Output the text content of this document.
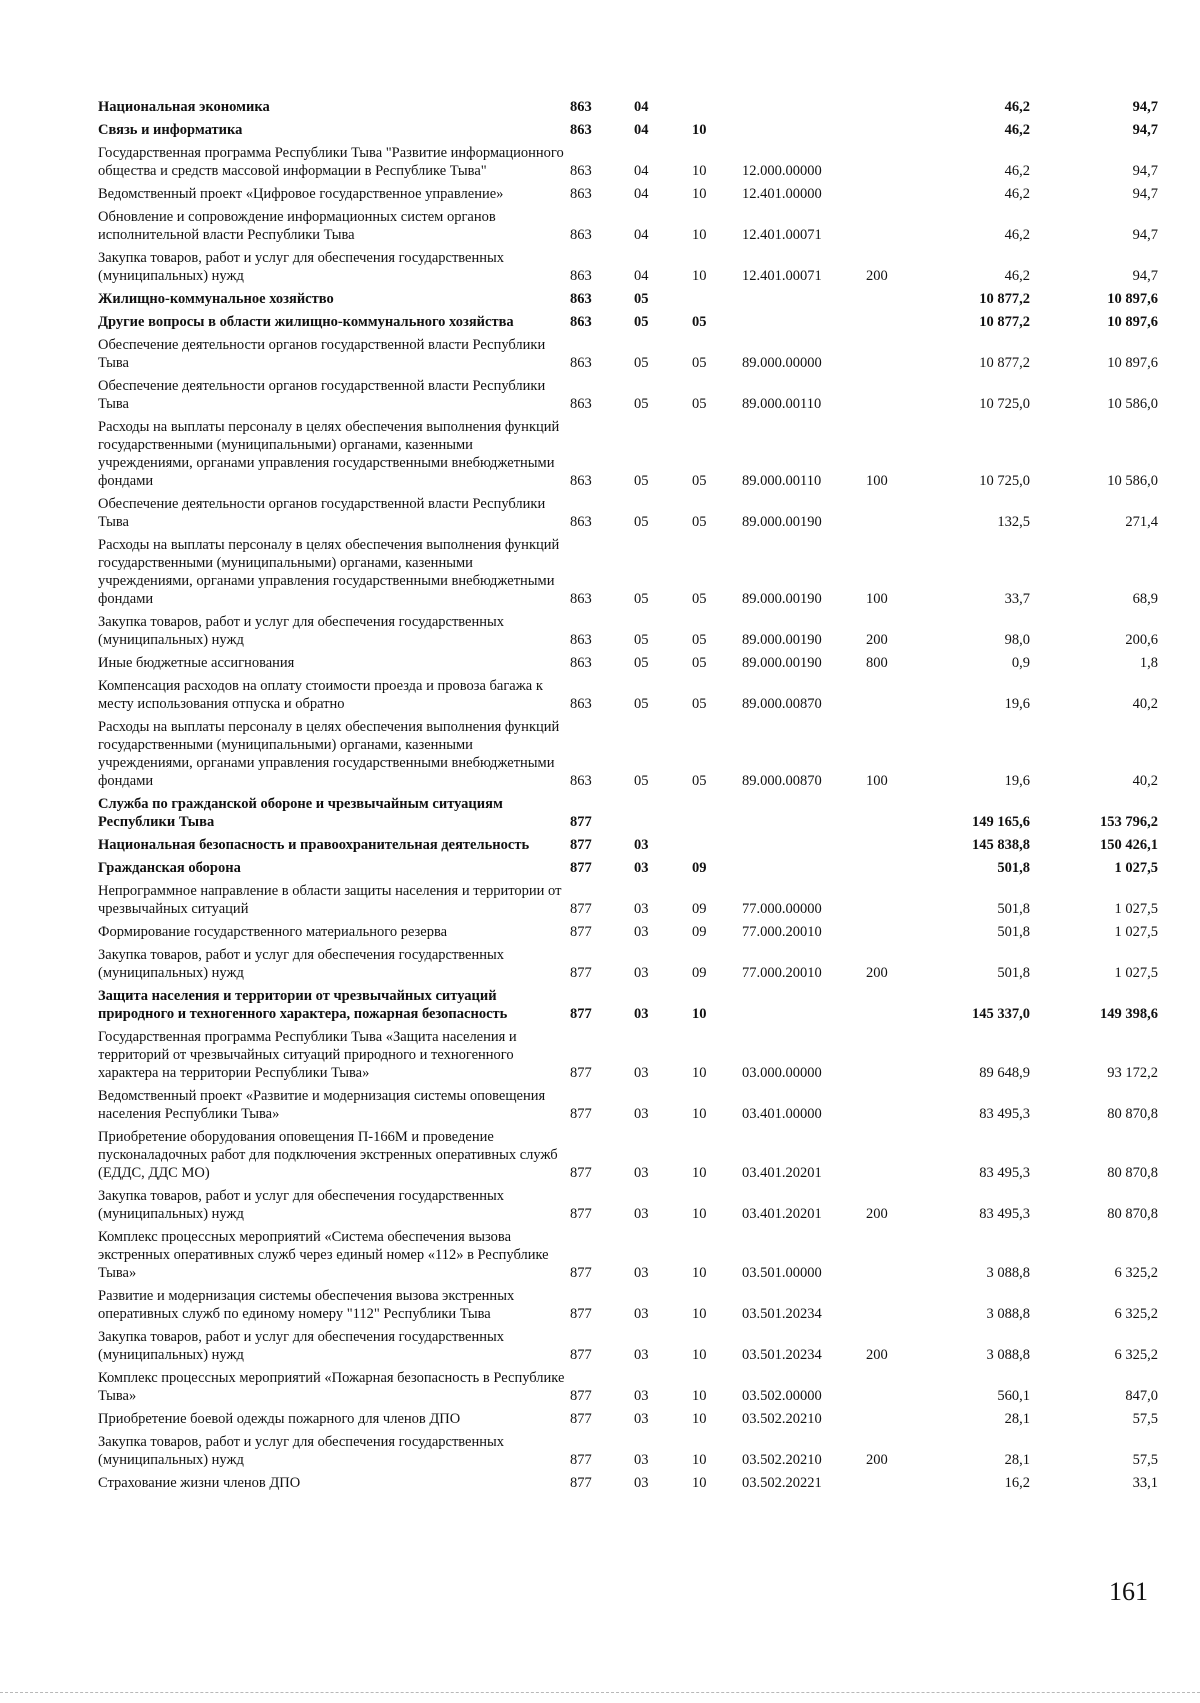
Национальная экономика	863	04				46,2	94,7
Связь и информатика	863	04	10			46,2	94,7
Государственная программа Республики Тыва "Развитие информационного общества и средств массовой информации в Республике Тыва"	863	04	10	12.000.00000		46,2	94,7
Ведомственный проект «Цифровое государственное управление»	863	04	10	12.401.00000		46,2	94,7
Обновление и сопровождение информационных систем органов исполнительной власти Республики Тыва	863	04	10	12.401.00071		46,2	94,7
Закупка товаров, работ и услуг для обеспечения государственных (муниципальных) нужд	863	04	10	12.401.00071	200	46,2	94,7
Жилищно-коммунальное хозяйство	863	05				10 877,2	10 897,6
Другие вопросы в области жилищно-коммунального хозяйства	863	05	05			10 877,2	10 897,6
Обеспечение деятельности органов государственной власти Республики Тыва	863	05	05	89.000.00000		10 877,2	10 897,6
Обеспечение деятельности органов государственной власти Республики Тыва	863	05	05	89.000.00110		10 725,0	10 586,0
Расходы на выплаты персоналу в целях обеспечения выполнения функций государственными (муниципальными) органами, казенными учреждениями, органами управления государственными внебюджетными фондами	863	05	05	89.000.00110	100	10 725,0	10 586,0
Обеспечение деятельности органов государственной власти Республики Тыва	863	05	05	89.000.00190		132,5	271,4
Расходы на выплаты персоналу в целях обеспечения выполнения функций государственными (муниципальными) органами, казенными учреждениями, органами управления государственными внебюджетными фондами	863	05	05	89.000.00190	100	33,7	68,9
Закупка товаров, работ и услуг для обеспечения государственных (муниципальных) нужд	863	05	05	89.000.00190	200	98,0	200,6
Иные бюджетные ассигнования	863	05	05	89.000.00190	800	0,9	1,8
Компенсация расходов на оплату стоимости проезда и провоза багажа к месту использования отпуска и обратно	863	05	05	89.000.00870		19,6	40,2
Расходы на выплаты персоналу в целях обеспечения выполнения функций государственными (муниципальными) органами, казенными учреждениями, органами управления государственными внебюджетными фондами	863	05	05	89.000.00870	100	19,6	40,2
Служба по гражданской обороне и чрезвычайным ситуациям Республики Тыва	877					149 165,6	153 796,2
Национальная безопасность и правоохранительная деятельность	877	03				145 838,8	150 426,1
Гражданская оборона	877	03	09			501,8	1 027,5
Непрограммное направление в области защиты населения и территории от чрезвычайных ситуаций	877	03	09	77.000.00000		501,8	1 027,5
Формирование государственного материального резерва	877	03	09	77.000.20010		501,8	1 027,5
Закупка товаров, работ и услуг для обеспечения государственных (муниципальных) нужд	877	03	09	77.000.20010	200	501,8	1 027,5
Защита населения и территории от чрезвычайных ситуаций природного и техногенного характера, пожарная безопасность	877	03	10			145 337,0	149 398,6
Государственная программа Республики Тыва «Защита населения и территорий от чрезвычайных ситуаций природного и техногенного характера на территории Республики Тыва»	877	03	10	03.000.00000		89 648,9	93 172,2
Ведомственный проект «Развитие и модернизация системы оповещения населения Республики Тыва»	877	03	10	03.401.00000		83 495,3	80 870,8
Приобретение оборудования оповещения П-166М и проведение пусконаладочных работ для подключения экстренных оперативных служб (ЕДДС, ДДС МО)	877	03	10	03.401.20201		83 495,3	80 870,8
Закупка товаров, работ и услуг для обеспечения государственных (муниципальных) нужд	877	03	10	03.401.20201	200	83 495,3	80 870,8
Комплекс процессных мероприятий «Система обеспечения вызова экстренных оперативных служб через единый номер «112» в Республике Тыва»	877	03	10	03.501.00000		3 088,8	6 325,2
Развитие и модернизация системы обеспечения вызова экстренных оперативных служб по единому номеру "112" Республики Тыва	877	03	10	03.501.20234		3 088,8	6 325,2
Закупка товаров, работ и услуг для обеспечения государственных (муниципальных) нужд	877	03	10	03.501.20234	200	3 088,8	6 325,2
Комплекс процессных мероприятий «Пожарная безопасность в Республике Тыва»	877	03	10	03.502.00000		560,1	847,0
Приобретение боевой одежды пожарного для членов ДПО	877	03	10	03.502.20210		28,1	57,5
Закупка товаров, работ и услуг для обеспечения государственных (муниципальных) нужд	877	03	10	03.502.20210	200	28,1	57,5
Страхование жизни членов ДПО	877	03	10	03.502.20221		16,2	33,1
161
